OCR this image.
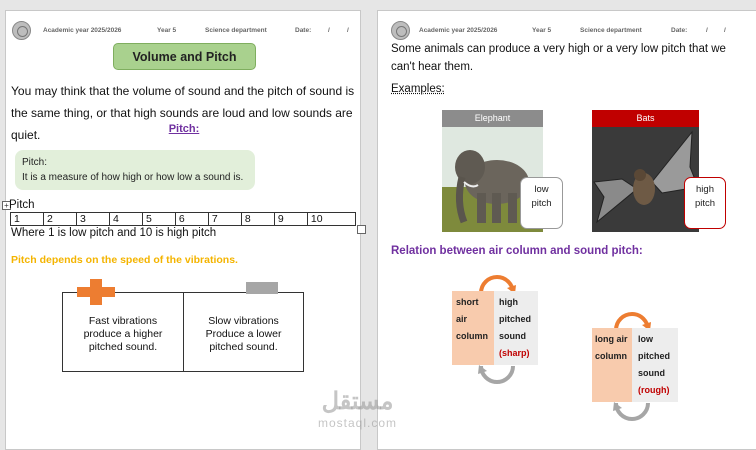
Academic year 2025/2026	Year 5	Science department	Date:	/	/
Volume and Pitch
You may think that the volume of sound and the pitch of sound is the same thing, or that high sounds are loud and low sounds are quiet.	Pitch:
Pitch:
It is a measure of how high or how low a sound is.
+ Pitch
1	2	3	4	5	6	7	8	9	10
Where 1 is low pitch and 10 is high pitch
Pitch depends on the speed of the vibrations.
Fast vibrations
produce a higher
pitched sound.
Slow vibrations
Produce a lower
pitched sound.
Academic year 2025/2026	Year 5	Science department	Date:	/ /
Some animals can produce a very high or a very low pitch that we can't hear them.
Examples:
Elephant
low
pitch
Bats
high
pitch
Relation between air column and sound pitch:
short
air
column
high
pitched
sound
(sharp)
long air
column
low
pitched
sound
(rough)
مستقل
mostaql.com
